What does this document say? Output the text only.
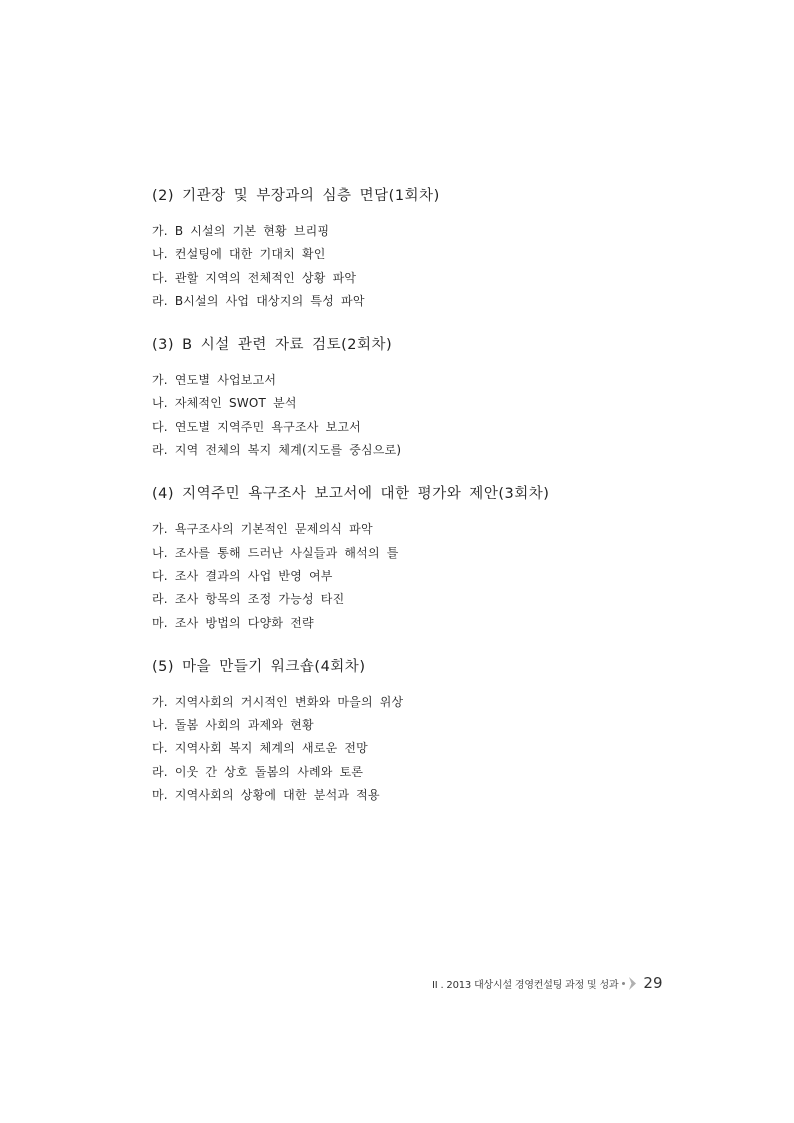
(2) 기관장 및 부장과의 심층 면담(1회차)

가. B 시설의 기본 현황 브리핑

나. 컨설팅에 대한 기대치 확인

다. 관할 지역의 전체적인 상황 파악

라. B시설의 사업 대상지의 특성 파악

(3) B 시설 관련 자료 검토(2회차)

가. 연도별 사업보고서

나. 자체적인 SWOT 분석

다. 연도별 지역주민 욕구조사 보고서

라. 지역 전체의 복지 체계(지도를 중심으로)

(4) 지역주민 욕구조사 보고서에 대한 평가와 제안(3회차)

가. 욕구조사의 기본적인 문제의식 파악

나. 조사를 통해 드러난 사실들과 해석의 틀

다. 조사 결과의 사업 반영 여부

라. 조사 항목의 조정 가능성 타진

마. 조사 방법의 다양화 전략

(5) 마을 만들기 워크숍(4회차)

가. 지역사회의 거시적인 변화와 마을의 위상

나. 돌봄 사회의 과제와 현황

다. 지역사회 복지 체계의 새로운 전망

라. 이웃 간 상호 돌봄의 사례와 토론

마. 지역사회의 상황에 대한 분석과 적용

II . 2013 대상시설 경영컨설팅 과정 및 성과 29
